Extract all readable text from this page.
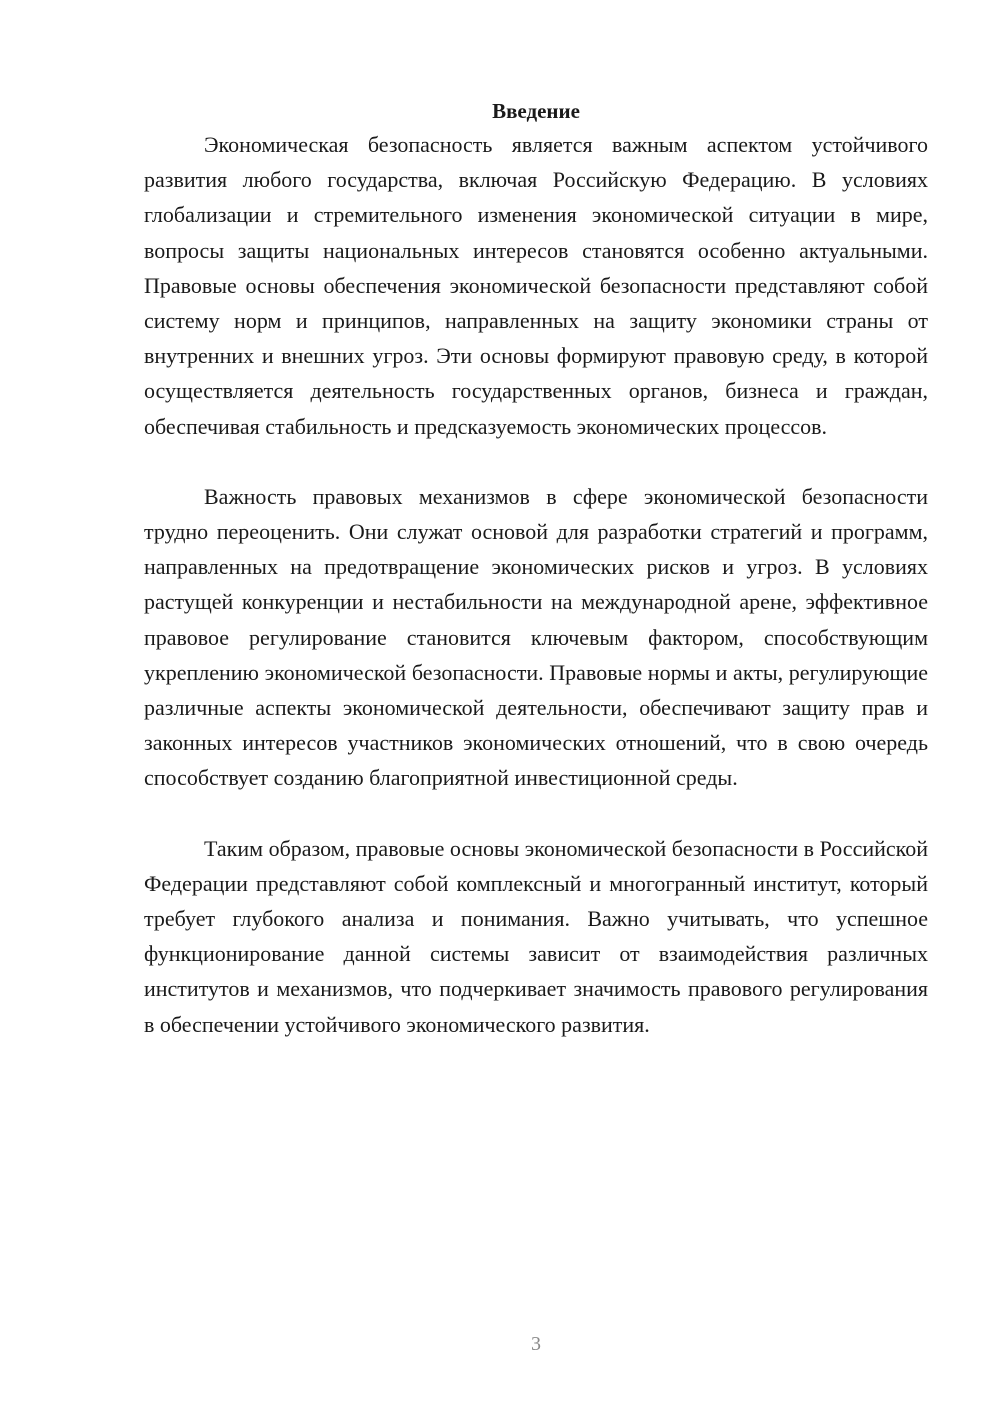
Введение

Экономическая безопасность является важным аспектом устойчивого развития любого государства, включая Российскую Федерацию. В условиях глобализации и стремительного изменения экономической ситуации в мире, вопросы защиты национальных интересов становятся особенно актуальными. Правовые основы обеспечения экономической безопасности представляют собой систему норм и принципов, направленных на защиту экономики страны от внутренних и внешних угроз. Эти основы формируют правовую среду, в которой осуществляется деятельность государственных органов, бизнеса и граждан, обеспечивая стабильность и предсказуемость экономических процессов.

Важность правовых механизмов в сфере экономической безопасности трудно переоценить. Они служат основой для разработки стратегий и программ, направленных на предотвращение экономических рисков и угроз. В условиях растущей конкуренции и нестабильности на международной арене, эффективное правовое регулирование становится ключевым фактором, способствующим укреплению экономической безопасности. Правовые нормы и акты, регулирующие различные аспекты экономической деятельности, обеспечивают защиту прав и законных интересов участников экономических отношений, что в свою очередь способствует созданию благоприятной инвестиционной среды.

Таким образом, правовые основы экономической безопасности в Российской Федерации представляют собой комплексный и многогранный институт, который требует глубокого анализа и понимания. Важно учитывать, что успешное функционирование данной системы зависит от взаимодействия различных институтов и механизмов, что подчеркивает значимость правового регулирования в обеспечении устойчивого экономического развития.

3
